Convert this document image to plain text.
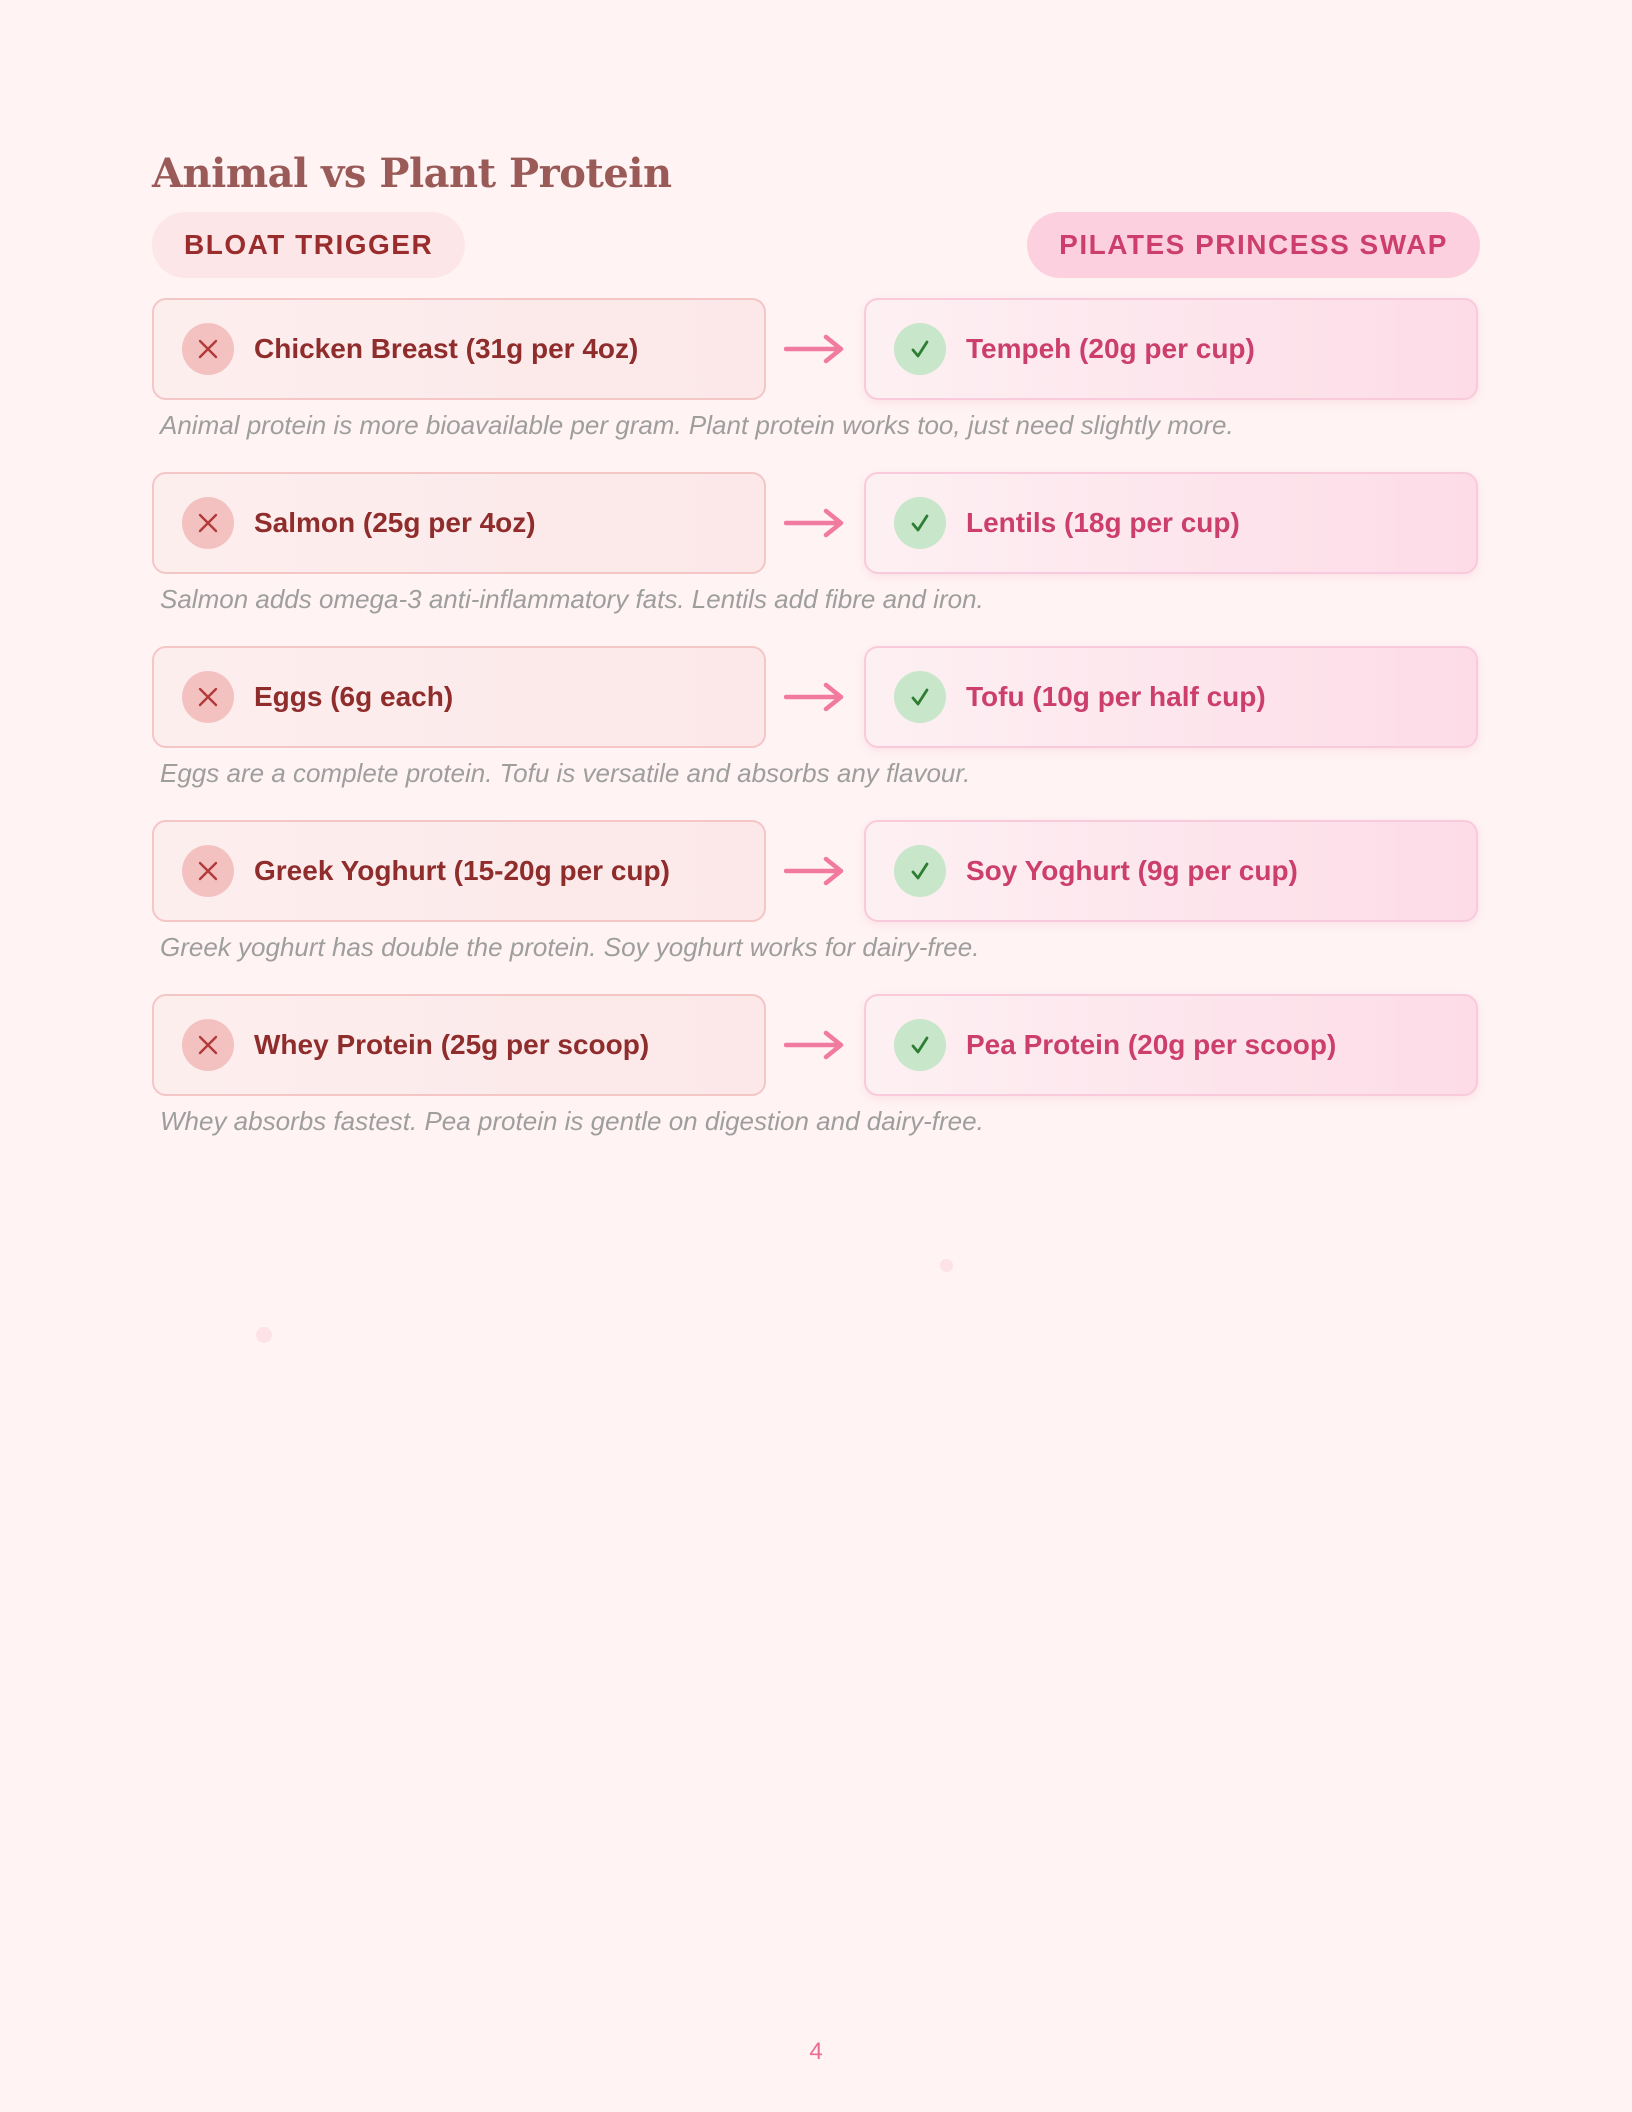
Animal vs Plant Protein
BLOAT TRIGGER	PILATES PRINCESS SWAP
Chicken Breast (31g per 4oz)	Tempeh (20g per cup)
Animal protein is more bioavailable per gram. Plant protein works too, just need slightly more.
Salmon (25g per 4oz)	Lentils (18g per cup)
Salmon adds omega-3 anti-inflammatory fats. Lentils add fibre and iron.
Eggs (6g each)	Tofu (10g per half cup)
Eggs are a complete protein. Tofu is versatile and absorbs any flavour.
Greek Yoghurt (15-20g per cup)	Soy Yoghurt (9g per cup)
Greek yoghurt has double the protein. Soy yoghurt works for dairy-free.
Whey Protein (25g per scoop)	Pea Protein (20g per scoop)
Whey absorbs fastest. Pea protein is gentle on digestion and dairy-free.
4
